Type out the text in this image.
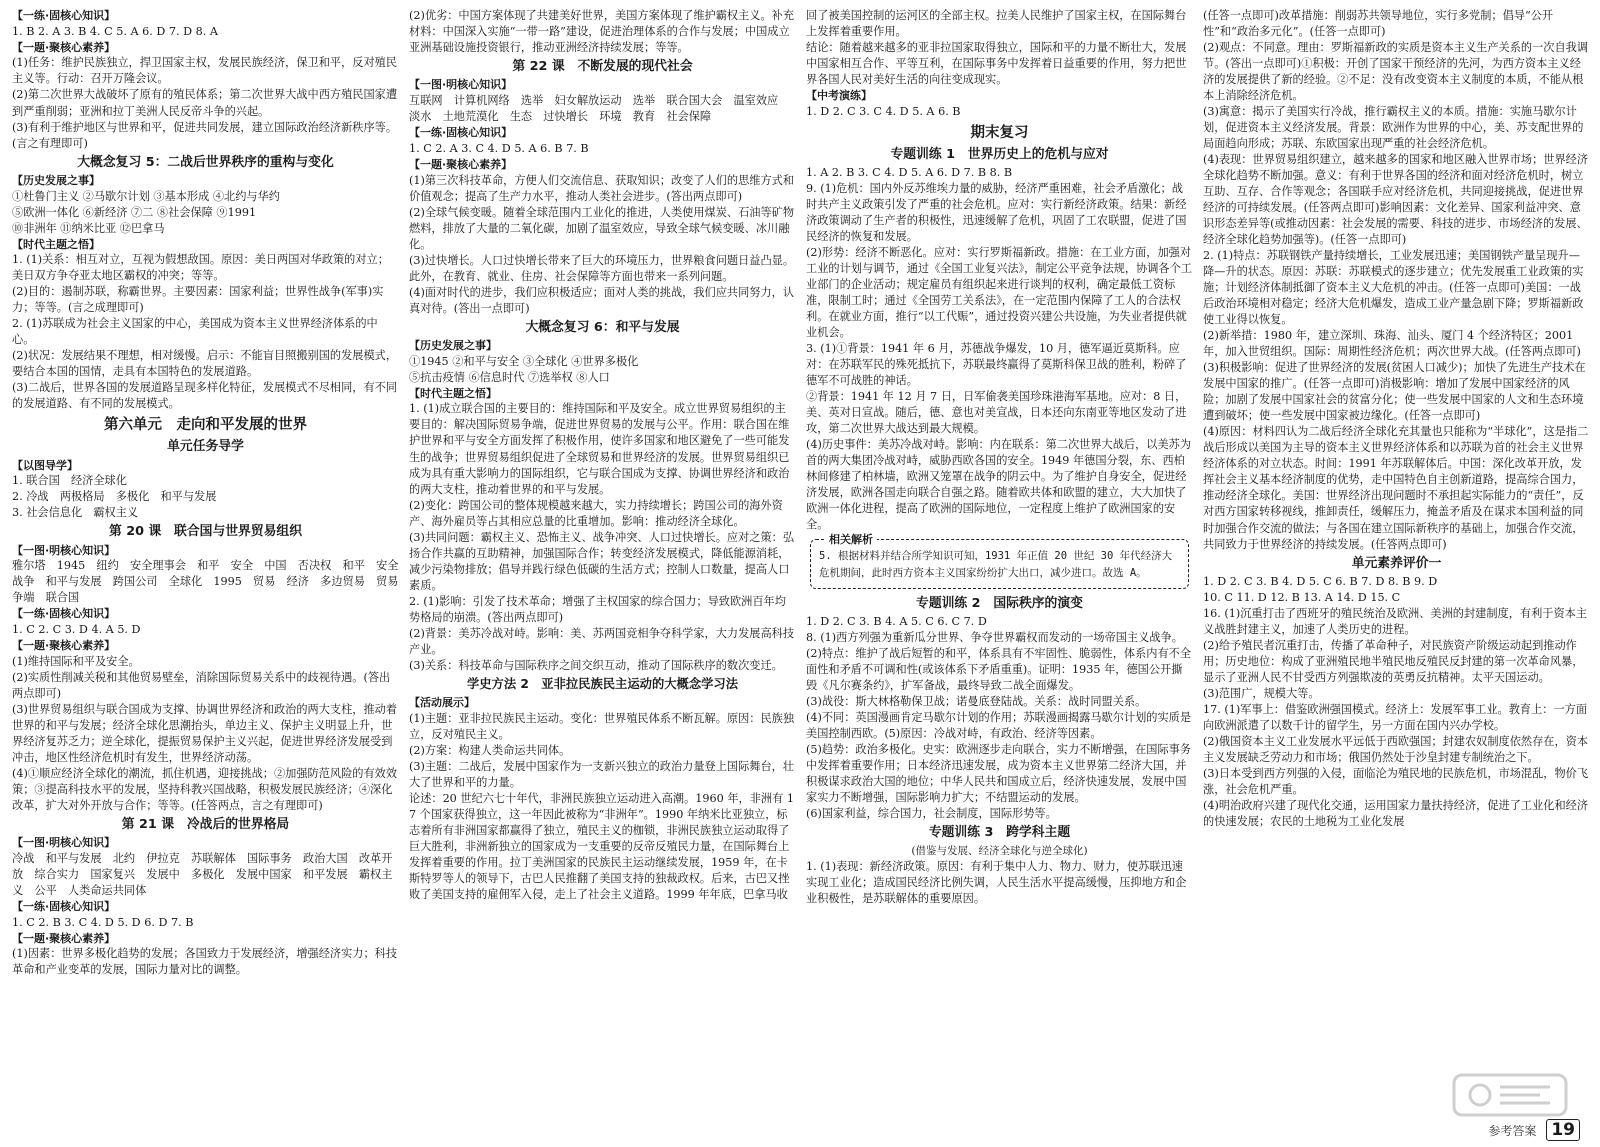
【一练·固核心知识】
1. B 2. A 3. B 4. C 5. A 6. D 7. D 8. A
【一题·聚核心素养】
(1)任务：维护民族独立，捍卫国家主权，发展民族经济，保卫和平，反对殖民主义等。行动：召开万隆会议。
(2)第二次世界大战破坏了原有的殖民体系；第二次世界大战中西方殖民国家遭到严重削弱；亚洲和拉丁美洲人民反帝斗争的兴起。
(3)有利于维护地区与世界和平，促进共同发展，建立国际政治经济新秩序等。(言之有理即可)
大概念复习 5：二战后世界秩序的重构与变化
【历史发展之事】
①杜鲁门主义 ②马歇尔计划 ③基本形成 ④北约与华约
⑤欧洲一体化 ⑥新经济 ⑦二 ⑧社会保障 ⑨1991
⑩非洲年 ⑪纳米比亚 ⑫巴拿马
【时代主题之悟】
1. (1)关系：相互对立，互视为假想敌国。原因：美日两国对华政策的对立；美日双方争夺亚太地区霸权的冲突；等等。
(2)目的：遏制苏联，称霸世界。主要因素：国家利益；世界性战争(军事)实力；等等。(言之成理即可)
2. (1)苏联成为社会主义国家的中心，美国成为资本主义世界经济体系的中心。
(2)状况：发展结果不理想，相对缓慢。启示：不能盲目照搬别国的发展模式，要结合本国的国情，走具有本国特色的发展道路。
(3)二战后，世界各国的发展道路呈现多样化特征，发展模式不尽相同，有不同的发展道路、有不同的发展模式。
第六单元　走向和平发展的世界
单元任务导学
【以图导学】
1. 联合国　经济全球化
2. 冷战　两极格局　多极化　和平与发展
3. 社会信息化　霸权主义
第 20 课　联合国与世界贸易组织
【一图·明核心知识】
雅尔塔　1945　纽约　安全理事会　和平　安全　中国　否决权　和平　安全　战争　和平与发展　跨国公司　全球化　1995　贸易　经济　多边贸易　贸易争端　联合国
【一练·固核心知识】
1. C 2. C 3. D 4. A 5. D
【一题·聚核心素养】
(1)维持国际和平及安全。
(2)实质性削减关税和其他贸易壁垒，消除国际贸易关系中的歧视待遇。(答出两点即可)
(3)世界贸易组织与联合国成为支撑、协调世界经济和政治的两大支柱，推动着世界的和平与发展；经济全球化思潮抬头，单边主义、保护主义明显上升，世界经济复苏乏力；逆全球化，提振贸易保护主义兴起，促进世界经济发展受到冲击，地区性经济危机时有发生，世界经济动荡。
(4)①顺应经济全球化的潮流，抓住机遇，迎接挑战；②加强防范风险的有效效策；③提高科技水平的发展，坚持科教兴国战略，积极发展民族经济；④深化改革，扩大对外开放与合作；等等。(任答两点，言之有理即可)
第 21 课　冷战后的世界格局
【一图·明核心知识】
冷战　和平与发展　北约　伊拉克　苏联解体　国际事务　政治大国　改革开放　综合实力　国家复兴　发展中　多极化　发展中国家　和平发展　霸权主义　公平　人类命运共同体
【一练·固核心知识】
1. C 2. B 3. C 4. D 5. D 6. D 7. B
【一题·聚核心素养】
(1)因素：世界多极化趋势的发展；各国致力于发展经济，增强经济实力；科技革命和产业变革的发展，国际力量对比的调整。
(2)优劣：中国方案体现了共建美好世界，美国方案体现了维护霸权主义。补充材料：中国深入实施“一带一路”建设，促进治理体系的合作与发展；中国成立亚洲基础设施投资银行，推动亚洲经济持续发展；等等。
第 22 课　不断发展的现代社会
【一图·明核心知识】
互联网　计算机网络　选举　妇女解放运动　选举　联合国大会　温室效应　淡水　土地荒漠化　生态　过快增长　环境　教育　社会保障
【一练·固核心知识】
1. C 2. A 3. C 4. D 5. A 6. B 7. B
【一题·聚核心素养】
(1)第三次科技革命，方便人们交流信息、获取知识；改变了人们的思维方式和价值观念；提高了生产力水平，推动人类社会进步。(答出两点即可)
(2)全球气候变暖。随着全球范围内工业化的推进，人类使用煤炭、石油等矿物燃料，排放了大量的二氧化碳，加剧了温室效应，导致全球气候变暖、冰川融化。
(3)过快增长。人口过快增长带来了巨大的环境压力，世界粮食问题日益凸显。此外，在教育、就业、住房、社会保障等方面也带来一系列问题。
(4)面对时代的进步，我们应积极适应；面对人类的挑战，我们应共同努力，认真对待。(答出一点即可)
大概念复习 6：和平与发展
【历史发展之事】
①1945 ②和平与安全 ③全球化 ④世界多极化
⑤抗击疫情 ⑥信息时代 ⑦选举权 ⑧人口
【时代主题之悟】
1. (1)成立联合国的主要目的：维持国际和平及安全。成立世界贸易组织的主要目的：解决国际贸易争端，促进世界贸易的发展与公平。作用：联合国在维护世界和平与安全方面发挥了积极作用，使许多国家和地区避免了一些可能发生的战争；世界贸易组织促进了全球贸易和世界经济的发展。世界贸易组织已成为具有重大影响力的国际组织，它与联合国成为支撑、协调世界经济和政治的两大支柱，推动着世界的和平与发展。
(2)变化：跨国公司的整体规模越来越大，实力持续增长；跨国公司的海外资产、海外雇员等占其相应总量的比重增加。影响：推动经济全球化。
(3)共同问题：霸权主义、恐怖主义、战争冲突、人口过快增长。应对之策：弘扬合作共赢的互助精神，加强国际合作；转变经济发展模式，降低能源消耗，减少污染物排放；倡导并践行绿色低碳的生活方式；控制人口数量，提高人口素质。
2. (1)影响：引发了技术革命；增强了主权国家的综合国力；导致欧洲百年均势格局的崩溃。(答出两点即可)
(2)背景：美苏冷战对峙。影响：美、苏两国竞相争夺科学家，大力发展高科技产业。
(3)关系：科技革命与国际秩序之间交织互动，推动了国际秩序的数次变迁。
学史方法 2　亚非拉民族民主运动的大概念学习法
【活动展示】
(1)主题：亚非拉民族民主运动。变化：世界殖民体系不断瓦解。原因：民族独立，反对殖民主义。
(2)方案：构建人类命运共同体。
(3)主题：二战后，发展中国家作为一支新兴独立的政治力量登上国际舞台，壮大了世界和平的力量。
论述：20 世纪六七十年代，非洲民族独立运动进入高潮。1960 年，非洲有 17 个国家获得独立，这一年因此被称为“非洲年”。1990 年纳米比亚独立，标志着所有非洲国家都赢得了独立，殖民主义的枷锁，非洲民族独立运动取得了巨大胜利，非洲新独立的国家成为一支重要的反帝反殖民力量，在国际舞台上发挥着重要的作用。拉丁美洲国家的民族民主运动继续发展，1959 年，在卡斯特罗等人的领导下，古巴人民推翻了美国支持的独裁政权。后来，古巴又挫败了美国支持的雇佣军入侵，走上了社会主义道路。1999 年年底，巴拿马收
回了被美国控制的运河区的全部主权。拉美人民维护了国家主权，在国际舞台上发挥着重要作用。
结论：随着越来越多的亚非拉国家取得独立，国际和平的力量不断壮大，发展中国家相互合作、平等互利，在国际事务中发挥着日益重要的作用，努力把世界各国人民对美好生活的向往变成现实。
【中考演练】
1. D 2. C 3. C 4. D 5. A 6. B
期末复习
专题训练 1　世界历史上的危机与应对
1. A 2. B 3. C 4. D 5. A 6. D 7. B 8. B
9. (1)危机：国内外反苏维埃力量的威胁，经济严重困难，社会矛盾激化；战时共产主义政策引发了严重的社会危机。应对：实行新经济政策。结果：新经济政策调动了生产者的积极性，迅速缓解了危机，巩固了工农联盟，促进了国民经济的恢复和发展。
(2)形势：经济不断恶化。应对：实行罗斯福新政。措施：在工业方面，加强对工业的计划与调节，通过《全国工业复兴法》，制定公平竞争法规，协调各个工业部门的企业活动；规定雇员有组织起来进行谈判的权利，确定最低工资标准，限制工时；通过《全国劳工关系法》，在一定范围内保障了工人的合法权利。在就业方面，推行“以工代赈”，通过投资兴建公共设施，为失业者提供就业机会。
3. (1)①背景：1941 年 6 月，苏德战争爆发，10 月，德军逼近莫斯科。应对：在苏联军民的殊死抵抗下，苏联最终赢得了莫斯科保卫战的胜利，粉碎了德军不可战胜的神话。
②背景：1941 年 12 月 7 日，日军偷袭美国珍珠港海军基地。应对：8 日，美、英对日宣战。随后，德、意也对美宣战，日本还向东南亚等地区发动了进攻，第二次世界大战达到最大规模。
(4)历史事件：美苏冷战对峙。影响：内在联系：第二次世界大战后，以美苏为首的两大集团冷战对峙，威胁西欧各国的安全。1949 年德国分裂，东、西柏林间修建了柏林墙，欧洲又笼罩在战争的阴云中。为了维护自身安全，促进经济发展，欧洲各国走向联合自强之路。随着欧共体和欧盟的建立，大大加快了欧洲一体化进程，提高了欧洲的国际地位，一定程度上维护了欧洲国家的安全。
相关解析
5. 根据材料并结合所学知识可知，1931 年正值 20 世纪 30 年代经济大危机期间，此时西方资本主义国家纷纷扩大出口，减少进口。故选 A。
专题训练 2　国际秩序的演变
1. D 2. C 3. B 4. A 5. C 6. C 7. D
8. (1)西方列强为重新瓜分世界、争夺世界霸权而发动的一场帝国主义战争。
(2)特点：维护了战后短暂的和平，体系具有不牢固性、脆弱性，体系内有不全面性和矛盾不可调和性(或该体系下矛盾重重)。证明：1935 年，德国公开撕毁《凡尔赛条约》，扩军备战，最终导致二战全面爆发。
(3)战役：斯大林格勒保卫战；诺曼底登陆战。关系：战时同盟关系。
(4)不同：英国漫画肯定马歇尔计划的作用；苏联漫画揭露马歇尔计划的实质是美国控制西欧。(5)原因：冷战对峙，有政治、经济等因素。
(5)趋势：政治多极化。史实：欧洲逐步走向联合，实力不断增强，在国际事务中发挥着重要作用；日本经济迅速发展，成为资本主义世界第二经济大国，并积极谋求政治大国的地位；中华人民共和国成立后，经济快速发展，发展中国家实力不断增强，国际影响力扩大；不结盟运动的发展。
(6)国家利益，综合国力，社会制度，国际形势等。
专题训练 3　跨学科主题
(借鉴与发展、经济全球化与逆全球化)
1. (1)表现：新经济政策。原因：有利于集中人力、物力、财力，使苏联迅速实现工业化；造成国民经济比例失调，人民生活水平提高缓慢，压抑地方和企业积极性，是苏联解体的重要原因。
(任答一点即可)改革措施：削弱苏共领导地位，实行多党制；倡导“公开性”和“政治多元化”。(任答一点即可)
(2)观点：不同意。理由：罗斯福新政的实质是资本主义生产关系的一次自我调节。(答出一点即可)①积极：开创了国家干预经济的先河，为西方资本主义经济的发展提供了新的经验。②不足：没有改变资本主义制度的本质，不能从根本上消除经济危机。
(3)寓意：揭示了美国实行冷战，推行霸权主义的本质。措施：实施马歇尔计划，促进资本主义经济发展。背景：欧洲作为世界的中心，美、苏支配世界的局面趋向形成；苏联、东欧国家出现严重的社会经济危机。
(4)表现：世界贸易组织建立，越来越多的国家和地区融入世界市场；世界经济全球化趋势不断加强。意义：有利于世界各国的经济和面对经济危机时，树立互助、互存、合作等观念；各国联手应对经济危机，共同迎接挑战，促进世界经济的可持续发展。(任答两点即可)影响因素：文化差异、国家利益冲突、意识形态差异等(或推动因素：社会发展的需要、科技的进步、市场经济的发展、经济全球化趋势加强等)。(任答一点即可)
2. (1)特点：苏联钢铁产量持续增长，工业发展迅速；美国钢铁产量呈现升—降—升的状态。原因：苏联：苏联模式的逐步建立；优先发展重工业政策的实施；计划经济体制抵御了资本主义大危机的冲击。(任答一点即可)美国：一战后政治环境相对稳定；经济大危机爆发，造成工业产量急剧下降；罗斯福新政使工业得以恢复。
(2)新举措：1980 年，建立深圳、珠海、汕头、厦门 4 个经济特区；2001 年，加入世贸组织。国际：周期性经济危机；两次世界大战。(任答两点即可)
(3)积极影响：促进了世界经济的发展(贫困人口减少)；加快了先进生产技术在发展中国家的推广。(任答一点即可)消极影响：增加了发展中国家经济的风险；加剧了发展中国家社会的贫富分化；使一些发展中国家的人文和生态环境遭到破坏；使一些发展中国家被边缘化。(任答一点即可)
(4)原因：材料四认为二战后经济全球化充其量也只能称为“半球化”，这是指二战后形成以美国为主导的资本主义世界经济体系和以苏联为首的社会主义世界经济体系的对立状态。时间：1991 年苏联解体后。中国：深化改革开放，发挥社会主义基本经济制度的优势，走中国特色自主创新道路，提高综合国力，推动经济全球化。美国：世界经济出现问题时不承担起实际能力的“责任”，反对西方国家转移视线，推卸责任，缓解压力，掩盖矛盾及在谋求本国利益的同时加强合作交流的做法；与各国在建立国际新秩序的基础上，加强合作交流，共同致力于世界经济的持续发展。(任答两点即可)
单元素养评价一
1. D 2. C 3. B 4. D 5. C 6. B 7. D 8. B 9. D
10. C 11. D 12. B 13. A 14. D 15. C
16. (1)沉重打击了西班牙的殖民统治及欧洲、美洲的封建制度，有利于资本主义战胜封建主义，加速了人类历史的进程。
(2)给予殖民者沉重打击，传播了革命种子，对民族资产阶级运动起到推动作用；历史地位：构成了亚洲殖民地半殖民地反殖民反封建的第一次革命风暴，显示了亚洲人民不甘受西方列强欺凌的英勇反抗精神。太平天国运动。
(3)范围广，规模大等。
17. (1)军事上：借鉴欧洲强国模式。经济上：发展军事工业。教育上：一方面向欧洲派遣了以数千计的留学生，另一方面在国内兴办学校。
(2)俄国资本主义工业发展水平远低于西欧强国；封建农奴制度依然存在，资本主义发展缺乏劳动力和市场；俄国仍然处于沙皇封建专制统治之下。
(3)日本受到西方列强的入侵，面临沦为殖民地的民族危机，市场混乱，物价飞涨，社会危机严重。
(4)明治政府兴建了现代化交通，运用国家力量扶持经济，促进了工业化和经济的快速发展；农民的土地税为工业化发展
参考答案 19
